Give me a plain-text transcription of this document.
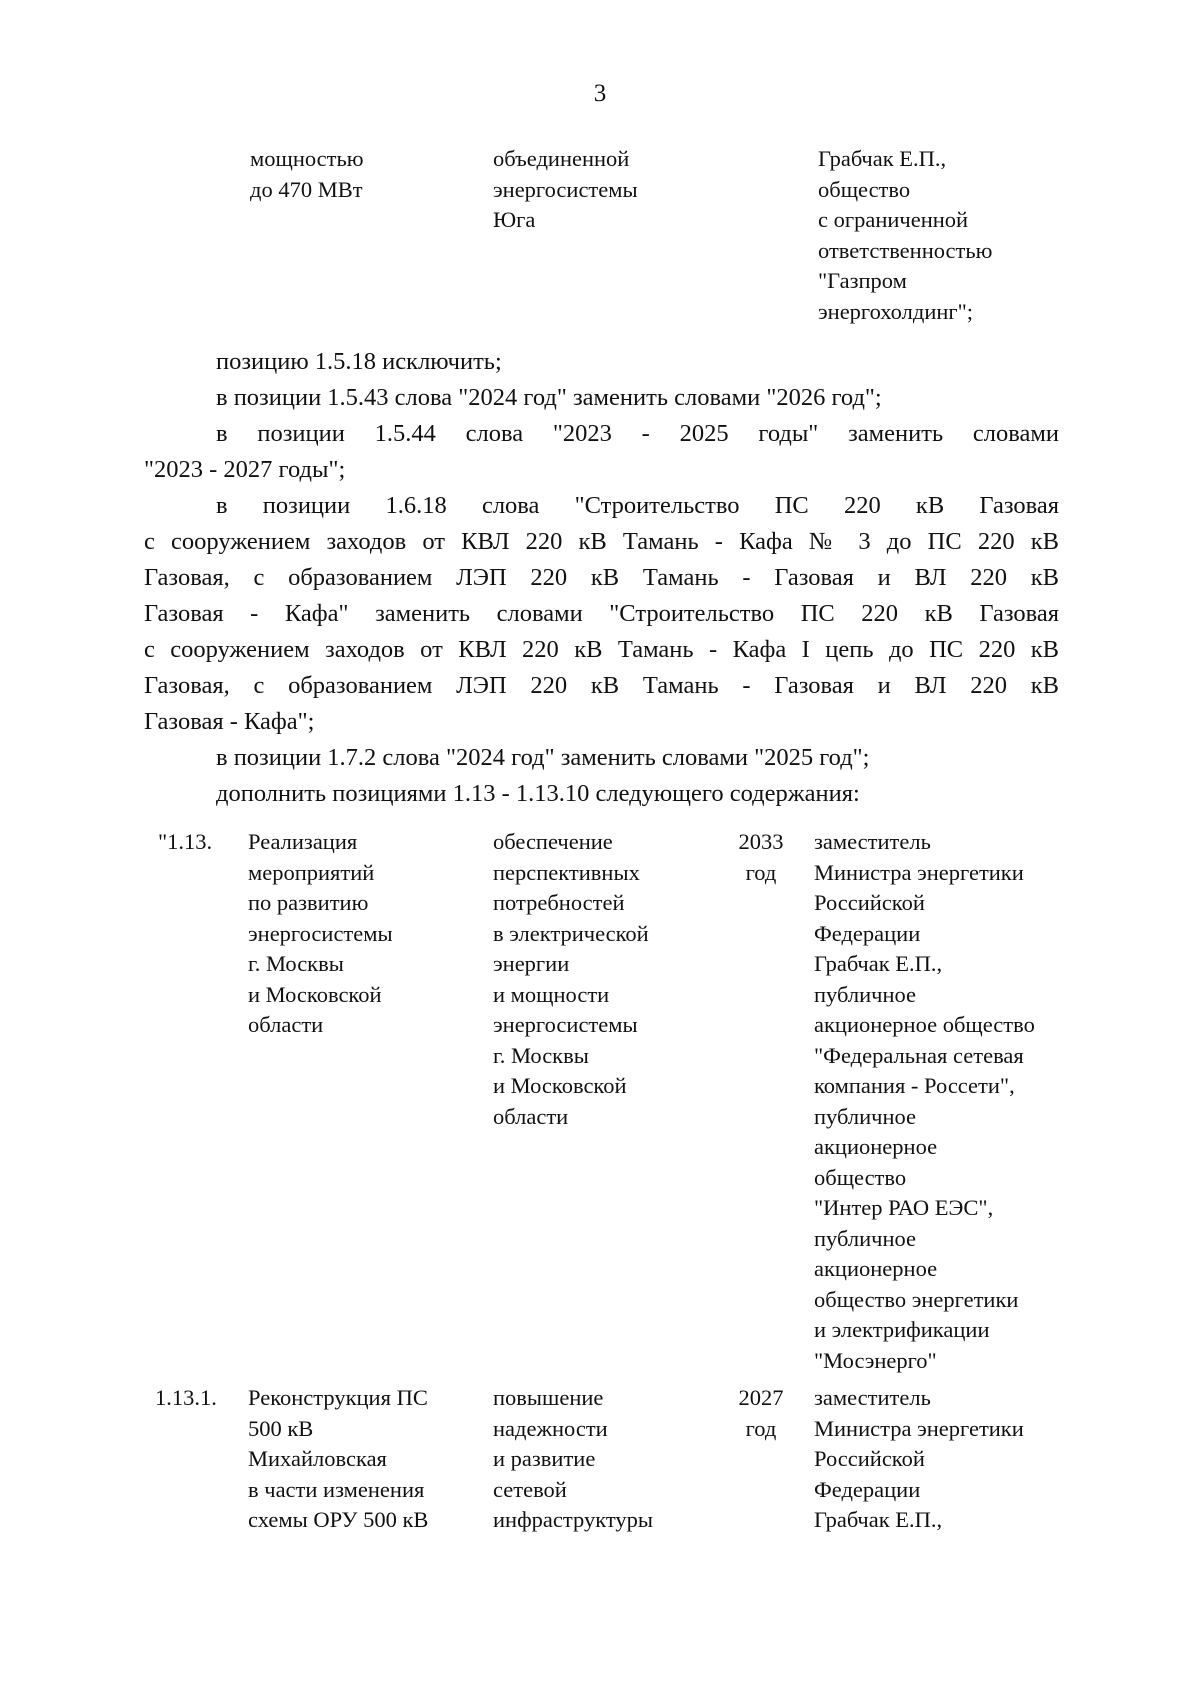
3
мощностью
до 470 МВт
объединенной
энергосистемы
Юга
Грабчак Е.П.,
общество
с ограниченной
ответственностью
"Газпром
энергохолдинг";
позицию 1.5.18 исключить;
в позиции 1.5.43 слова "2024 год" заменить словами "2026 год";
в позиции 1.5.44 слова "2023 - 2025 годы" заменить словами
"2023 - 2027 годы";
в позиции 1.6.18 слова "Строительство ПС 220 кВ Газовая
с сооружением заходов от КВЛ 220 кВ Тамань - Кафа № 3 до ПС 220 кВ
Газовая, с образованием ЛЭП 220 кВ Тамань - Газовая и ВЛ 220 кВ
Газовая - Кафа" заменить словами "Строительство ПС 220 кВ Газовая
с сооружением заходов от КВЛ 220 кВ Тамань - Кафа I цепь до ПС 220 кВ
Газовая, с образованием ЛЭП 220 кВ Тамань - Газовая и ВЛ 220 кВ
Газовая - Кафа";
в позиции 1.7.2 слова "2024 год" заменить словами "2025 год";
дополнить позициями 1.13 - 1.13.10 следующего содержания:
"1.13. Реализация
мероприятий
по развитию
энергосистемы
г. Москвы
и Московской
области
обеспечение
перспективных
потребностей
в электрической
энергии
и мощности
энергосистемы
г. Москвы
и Московской
области
2033
год
заместитель
Министра энергетики
Российской
Федерации
Грабчак Е.П.,
публичное
акционерное общество
"Федеральная сетевая
компания - Россети",
публичное
акционерное
общество
"Интер РАО ЕЭС",
публичное
акционерное
общество энергетики
и электрификации
"Мосэнерго"
1.13.1. Реконструкция ПС
500 кВ
Михайловская
в части изменения
схемы ОРУ 500 кВ
повышение
надежности
и развитие
сетевой
инфраструктуры
2027
год
заместитель
Министра энергетики
Российской
Федерации
Грабчак Е.П.,
